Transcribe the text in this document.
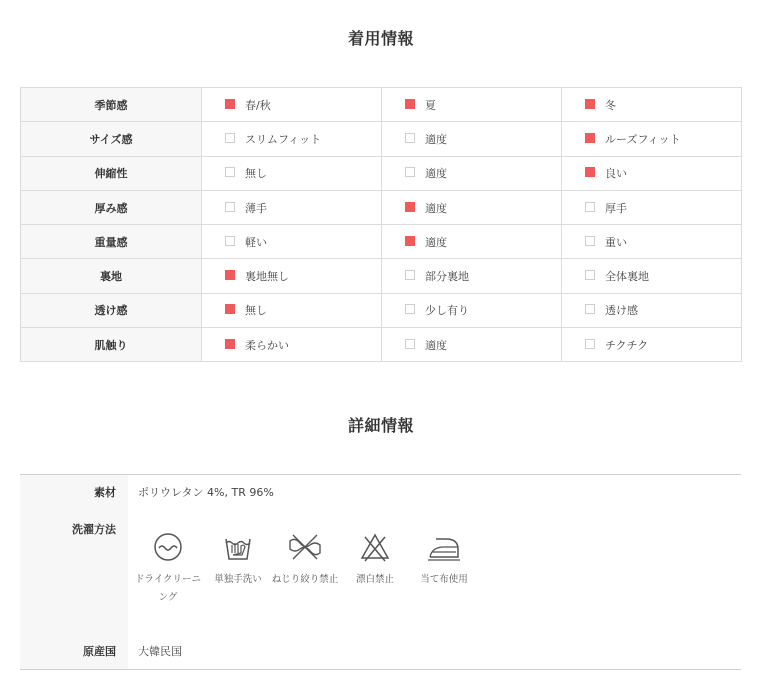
着用情報
季節感	春/秋	夏	冬
サイズ感	スリムフィット	適度	ルーズフィット
伸縮性	無し	適度	良い
厚み感	薄手	適度	厚手
重量感	軽い	適度	重い
裏地	裏地無し	部分裏地	全体裏地
透け感	無し	少し有り	透け感
肌触り	柔らかい	適度	チクチク
詳細情報
素材 ポリウレタン 4%, TR 96%
洗濯方法
ドライクリーニング
単独手洗い	ねじり絞り禁止	漂白禁止	当て布使用
原産国 大韓民国
